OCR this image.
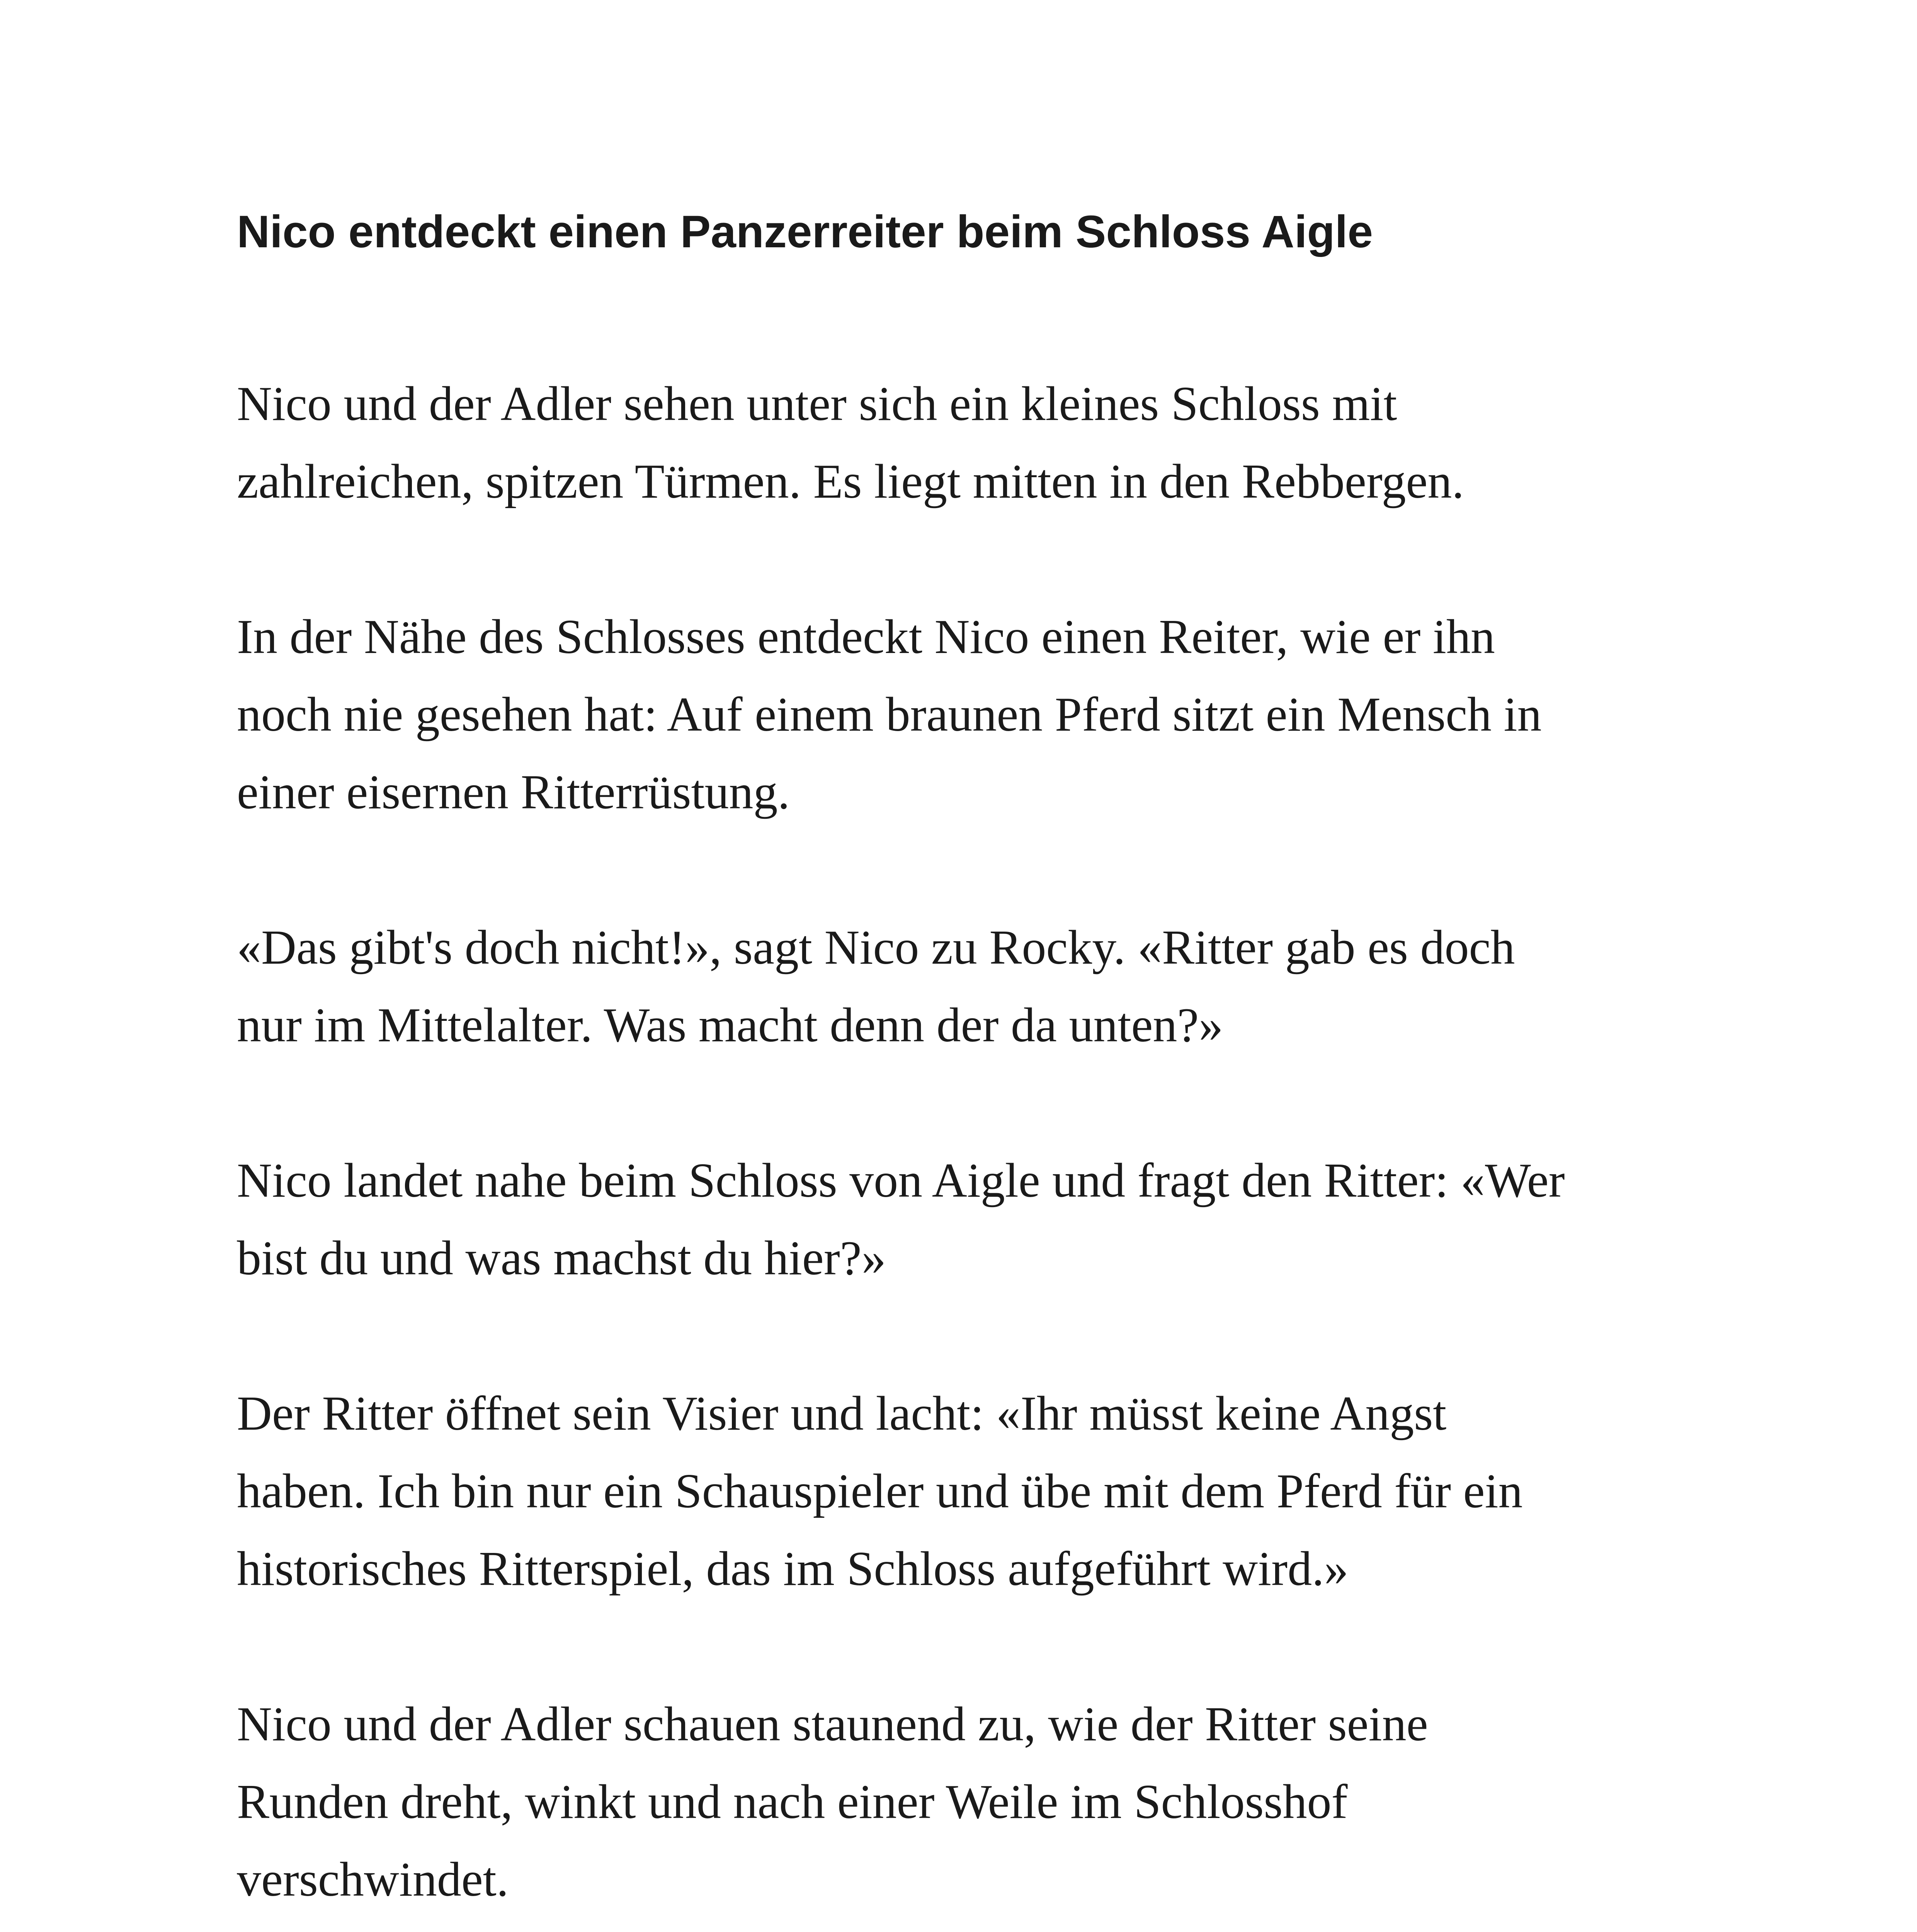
Nico entdeckt einen Panzerreiter beim Schloss Aigle

Nico und der Adler sehen unter sich ein kleines Schloss mit
zahlreichen, spitzen Türmen. Es liegt mitten in den Rebbergen.

In der Nähe des Schlosses entdeckt Nico einen Reiter, wie er ihn
noch nie gesehen hat: Auf einem braunen Pferd sitzt ein Mensch in
einer eisernen Ritterrüstung.

«Das gibt's doch nicht!», sagt Nico zu Rocky. «Ritter gab es doch
nur im Mittelalter. Was macht denn der da unten?»

Nico landet nahe beim Schloss von Aigle und fragt den Ritter: «Wer
bist du und was machst du hier?»

Der Ritter öffnet sein Visier und lacht: «Ihr müsst keine Angst
haben. Ich bin nur ein Schauspieler und übe mit dem Pferd für ein
historisches Ritterspiel, das im Schloss aufgeführt wird.»

Nico und der Adler schauen staunend zu, wie der Ritter seine
Runden dreht, winkt und nach einer Weile im Schlosshof
verschwindet.
